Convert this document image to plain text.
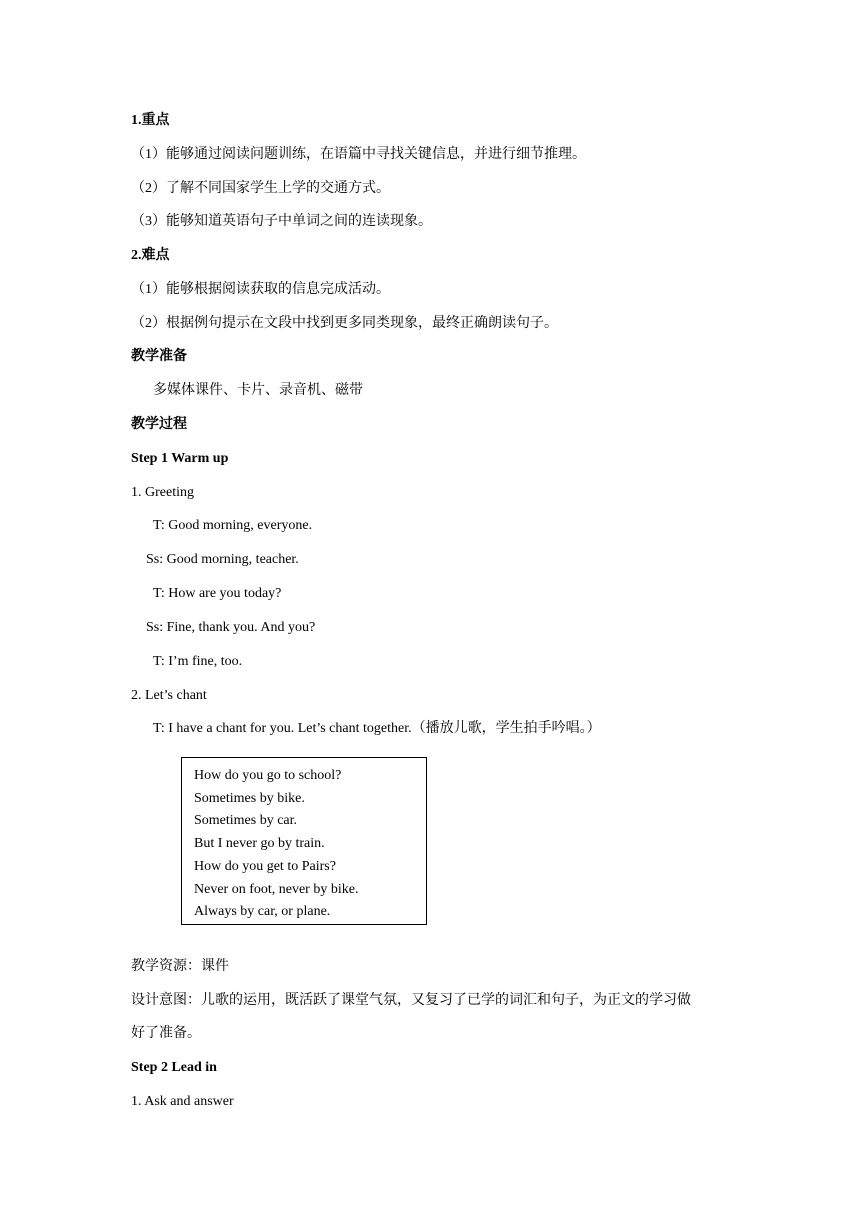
1.重点
（1）能够通过阅读问题训练，在语篇中寻找关键信息，并进行细节推理。
（2）了解不同国家学生上学的交通方式。
（3）能够知道英语句子中单词之间的连读现象。
2.难点
（1）能够根据阅读获取的信息完成活动。
（2）根据例句提示在文段中找到更多同类现象，最终正确朗读句子。
教学准备
多媒体课件、卡片、录音机、磁带
教学过程
Step 1 Warm up
1. Greeting
T: Good morning, everyone.
Ss: Good morning, teacher.
T: How are you today?
Ss: Fine, thank you. And you?
T: I’m fine, too.
2. Let’s chant
T: I have a chant for you. Let’s chant together.（播放儿歌，学生拍手吟唱。）
How do you go to school?
Sometimes by bike.
Sometimes by car.
But I never go by train.
How do you get to Pairs?
Never on foot, never by bike.
Always by car, or plane.
教学资源：课件
设计意图：儿歌的运用，既活跃了课堂气氛，又复习了已学的词汇和句子，为正文的学习做
好了准备。
Step 2 Lead in
1. Ask and answer
